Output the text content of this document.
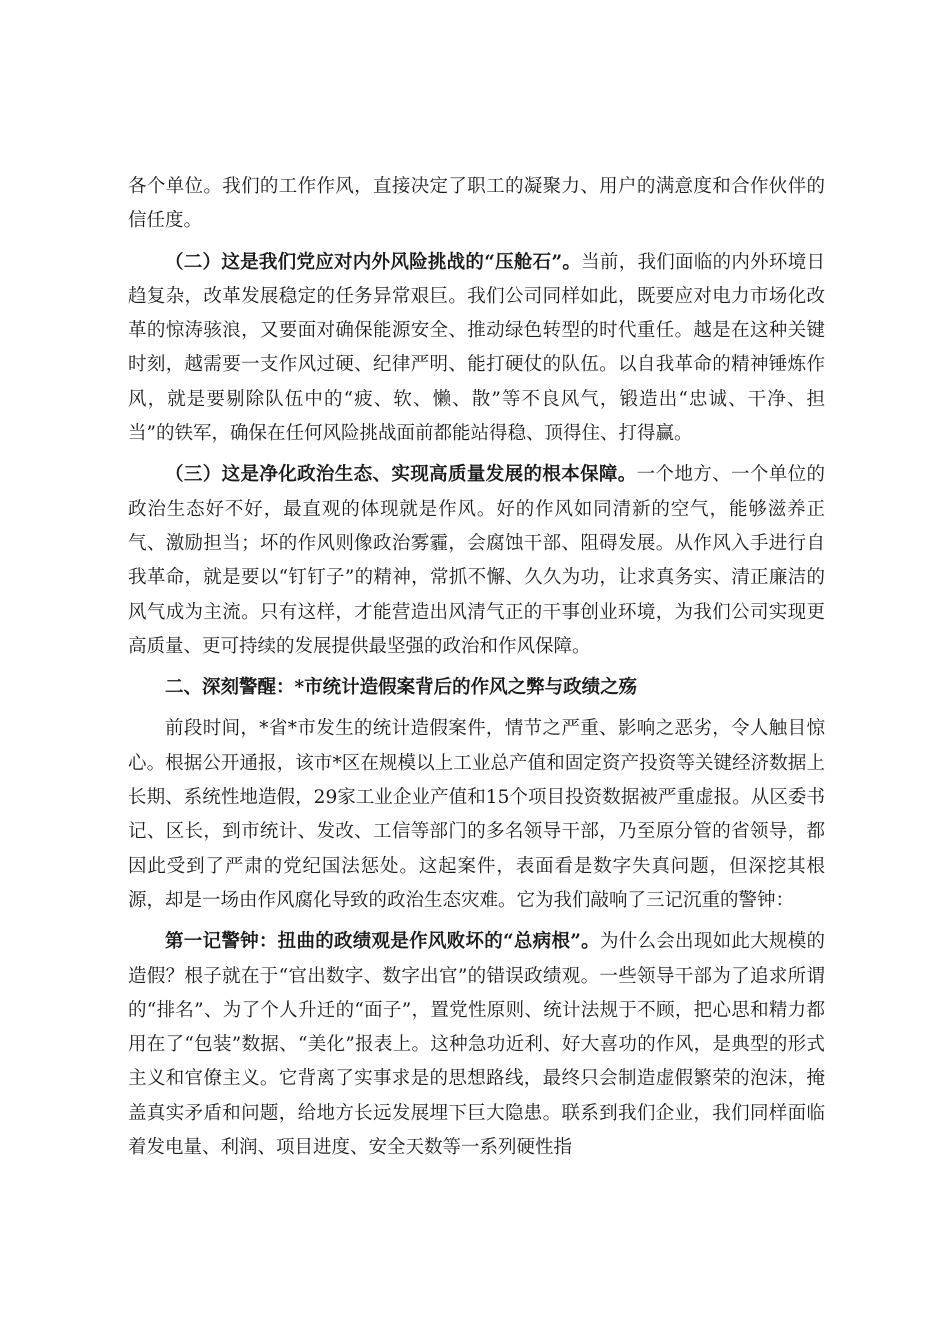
各个单位。我们的工作作风，直接决定了职工的凝聚力、用户的满意度和合作伙伴的信任度。

（二）这是我们党应对内外风险挑战的“压舱石”。当前，我们面临的内外环境日趋复杂，改革发展稳定的任务异常艰巨。我们公司同样如此，既要应对电力市场化改革的惊涛骇浪，又要面对确保能源安全、推动绿色转型的时代重任。越是在这种关键时刻，越需要一支作风过硬、纪律严明、能打硬仗的队伍。以自我革命的精神锤炼作风，就是要剔除队伍中的“疲、软、懒、散”等不良风气，锻造出“忠诚、干净、担当”的铁军，确保在任何风险挑战面前都能站得稳、顶得住、打得赢。

（三）这是净化政治生态、实现高质量发展的根本保障。一个地方、一个单位的政治生态好不好，最直观的体现就是作风。好的作风如同清新的空气，能够滋养正气、激励担当；坏的作风则像政治雾霾，会腐蚀干部、阻碍发展。从作风入手进行自我革命，就是要以“钉钉子”的精神，常抓不懈、久久为功，让求真务实、清正廉洁的风气成为主流。只有这样，才能营造出风清气正的干事创业环境，为我们公司实现更高质量、更可持续的发展提供最坚强的政治和作风保障。

二、深刻警醒：*市统计造假案背后的作风之弊与政绩之殇

前段时间，*省*市发生的统计造假案件，情节之严重、影响之恶劣，令人触目惊心。根据公开通报，该市*区在规模以上工业总产值和固定资产投资等关键经济数据上长期、系统性地造假，29家工业企业产值和15个项目投资数据被严重虚报。从区委书记、区长，到市统计、发改、工信等部门的多名领导干部，乃至原分管的省领导，都因此受到了严肃的党纪国法惩处。这起案件，表面看是数字失真问题，但深挖其根源，却是一场由作风腐化导致的政治生态灾难。它为我们敲响了三记沉重的警钟：

第一记警钟：扭曲的政绩观是作风败坏的“总病根”。为什么会出现如此大规模的造假？根子就在于“官出数字、数字出官”的错误政绩观。一些领导干部为了追求所谓的“排名”、为了个人升迁的“面子”，置党性原则、统计法规于不顾，把心思和精力都用在了“包装”数据、“美化”报表上。这种急功近利、好大喜功的作风，是典型的形式主义和官僚主义。它背离了实事求是的思想路线，最终只会制造虚假繁荣的泡沫，掩盖真实矛盾和问题，给地方长远发展埋下巨大隐患。联系到我们企业，我们同样面临着发电量、利润、项目进度、安全天数等一系列硬性指
